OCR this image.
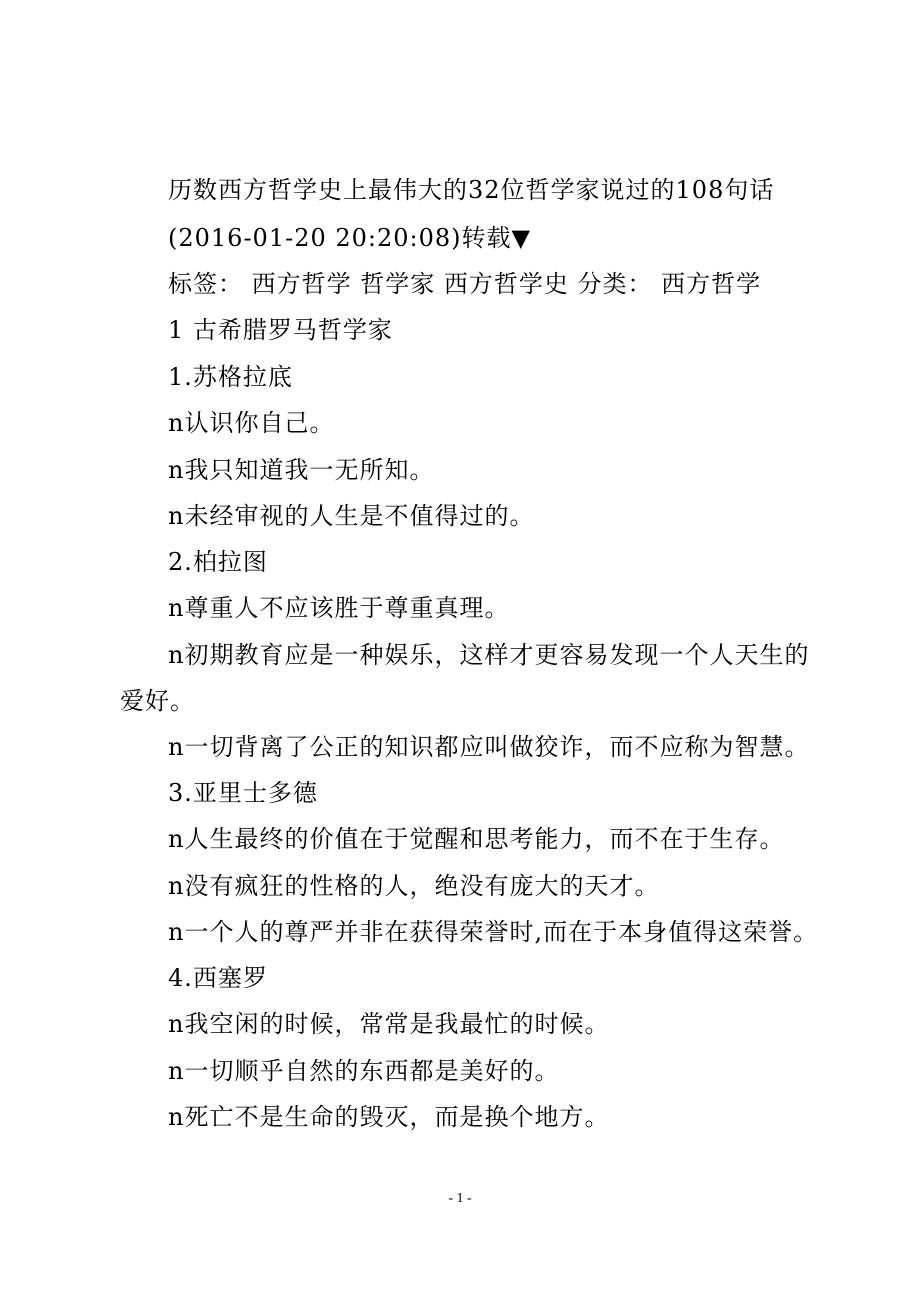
历数西方哲学史上最伟大的32位哲学家说过的108句话
(2016-01-20 20:20:08)转载▼
标签： 西方哲学 哲学家 西方哲学史 分类： 西方哲学
1 古希腊罗马哲学家
1.苏格拉底
n认识你自己。
n我只知道我一无所知。
n未经审视的人生是不值得过的。
2.柏拉图
n尊重人不应该胜于尊重真理。
n初期教育应是一种娱乐，这样才更容易发现一个人天生的
爱好。
n一切背离了公正的知识都应叫做狡诈，而不应称为智慧。
3.亚里士多德
n人生最终的价值在于觉醒和思考能力，而不在于生存。
n没有疯狂的性格的人，绝没有庞大的天才。
n一个人的尊严并非在获得荣誉时,而在于本身值得这荣誉。
4.西塞罗
n我空闲的时候，常常是我最忙的时候。
n一切顺乎自然的东西都是美好的。
n死亡不是生命的毁灭，而是换个地方。
- 1 -
